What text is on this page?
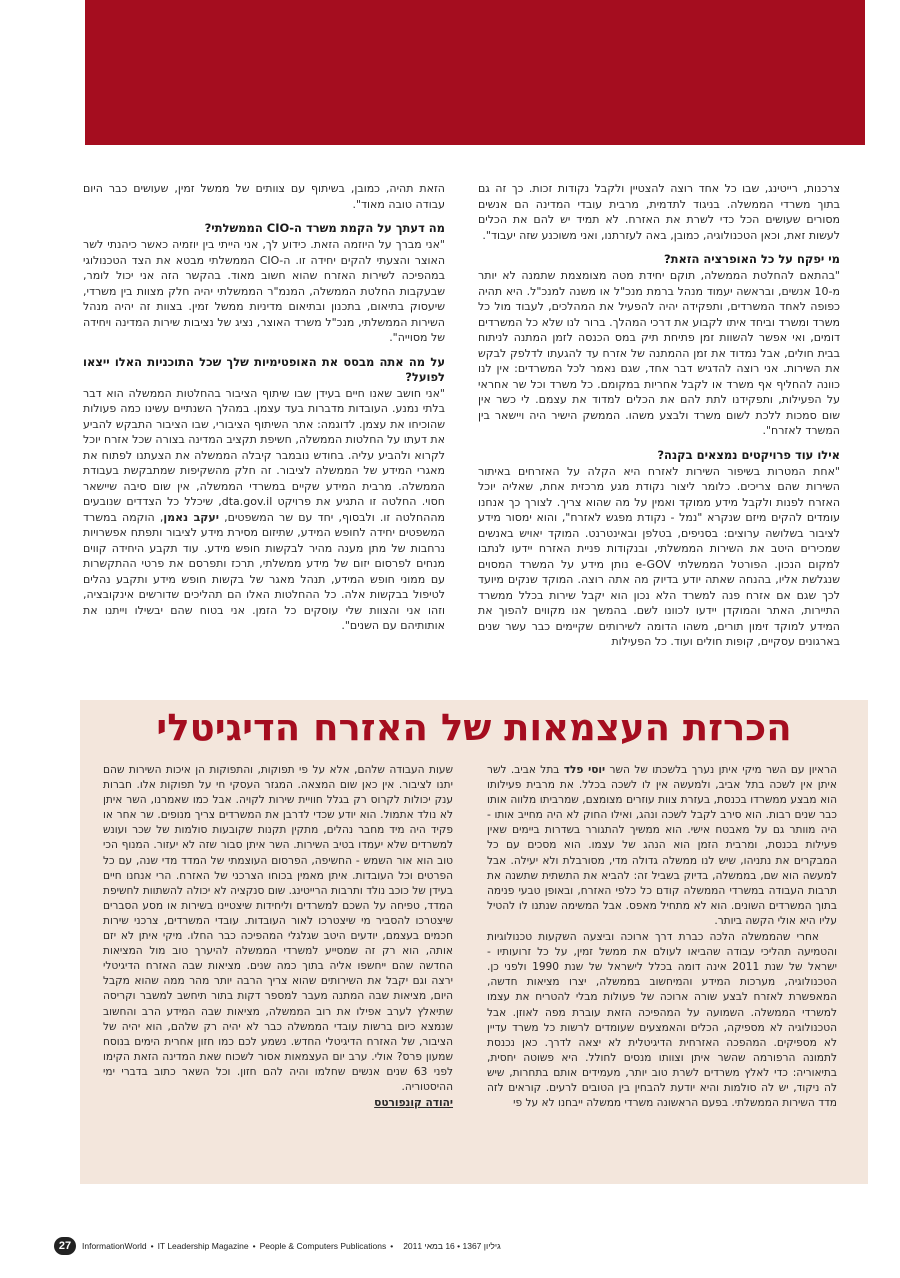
צרכנות, רייטינג, שבו כל אחד רוצה להצטיין ולקבל נקודות זכות. כך זה גם בתוך משרדי הממשלה. בניגוד לתדמית, מרבית עובדי המדינה הם אנשים מסורים שעושים הכל כדי לשרת את האזרח. לא תמיד יש להם את הכלים לעשות זאת, וכאן הטכנולוגיה, כמובן, באה לעזרתנו, ואני משוכנע שזה יעבוד".

מי יפקח על כל האופרציה הזאת?

"בהתאם להחלטת הממשלה, תוקם יחידת מטה מצומצמת שתמנה לא יותר מ-10 אנשים, ובראשה יעמוד מנהל ברמת מנכ"ל או משנה למנכ"ל. היא תהיה כפופה לאחד המשרדים, ותפקידה יהיה להפעיל את המהלכים, לעבוד מול כל משרד ומשרד וביחד איתו לקבוע את דרכי המהלך. ברור לנו שלא כל המשרדים דומים, ואי אפשר להשוות זמן פתיחת תיק במס הכנסה לזמן המתנה לניתוח בבית חולים, אבל נמדוד את זמן ההמתנה של אזרח עד להגעתו לדלפק לבקש את השירות. אני רוצה להדגיש דבר אחד, שגם נאמר לכל המשרדים: אין לנו כוונה להחליף אף משרד או לקבל אחריות במקומם. כל משרד וכל שר אחראי על הפעילות, ותפקידנו לתת להם את הכלים למדוד את עצמם. לי כשר אין שום סמכות ללכת לשום משרד ולבצע משהו. הממשק הישיר היה ויישאר בין המשרד לאזרח".

אילו עוד פרויקטים נמצאים בקנה?

"אחת המטרות בשיפור השירות לאזרח היא הקלה על האזרחים באיתור השירות שהם צריכים. כלומר ליצור נקודת מגע מרכזית אחת, שאליה יוכל האזרח לפנות ולקבל מידע ממוקד ואמין על מה שהוא צריך. לצורך כך אנחנו עומדים להקים מיזם שנקרא "נמל - נקודת מפגש לאזרח", והוא ימסור מידע לציבור בשלושה ערוצים: בסניפים, בטלפן ובאינטרנט. המוקד יאויש באנשים שמכירים היטב את השירות הממשלתי, ובנקודות פניית האזרח יידעו לנתבו למקום הנכון. הפורטל הממשלתי e-GOV נותן מידע על המשרד המסוים שנגלשת אליו, בהנחה שאתה יודע בדיוק מה אתה רוצה. המוקד שנקים מיועד לכך שגם אם אזרח פנה למשרד הלא נכון הוא יקבל שירות בכלל ממשרד התיירות, האתר והמוקדן יידעו לכוונו לשם. בהמשך אנו מקווים להפוך את המידע למוקד זימון תורים, משהו הדומה לשירותים שקיימים כבר עשר שנים בארגונים עסקיים, קופות חולים ועוד. כל הפעילות

הזאת תהיה, כמובן, בשיתוף עם צוותים של ממשל זמין, שעושים כבר היום עבודה טובה מאוד".

מה דעתך על הקמת משרד ה-CIO הממשלתי?

"אני מברך על היוזמה הזאת. כידוע לך, אני הייתי בין יוזמיה כאשר כיהנתי לשר האוצר והצעתי להקים יחידה זו. ה-CIO הממשלתי מבטא את הצד הטכנולוגי במהפיכה לשירות האזרח שהוא חשוב מאוד. בהקשר הזה אני יכול לומר, שבעקבות החלטת הממשלה, המנמ"ר הממשלתי יהיה חלק מצוות בין משרדי, שיעסוק בתיאום, בתכנון ובתיאום מדיניות ממשל זמין. בצוות זה יהיה מנהל השירות הממשלתי, מנכ"ל משרד האוצר, נציג של נציבות שירות המדינה ויחידה של מסוייה".

על מה אתה מבסס את האופטימיות שלך שכל התוכניות האלו ייצאו לפועל?

"אני חושב שאנו חיים בעידן שבו שיתוף הציבור בהחלטות הממשלה הוא דבר בלתי נמנע. העובדות מדברות בעד עצמן. במהלך השנתיים עשינו כמה פעולות שהוכיחו את עצמן. לדוגמה: אתר השיתוף הציבורי, שבו הציבור התבקש להביע את דעתו על החלטות הממשלה, חשיפת תקציב המדינה בצורה שכל אזרח יוכל לקרוא ולהביע עליה. בחודש נובמבר קיבלה הממשלה את הצעתנו לפתוח את מאגרי המידע של הממשלה לציבור. זה חלק מהשקיפות שמתבקשת בעבודת הממשלה. מרבית המידע שקיים במשרדי הממשלה, אין שום סיבה שיישאר חסוי. החלטה זו התגיע את פרויקט dta.gov.il, שיכלל כל הצדדים שנובעים מההחלטה זו. ולבסוף, יחד עם שר המשפטים, יעקב נאמן, הוקמה במשרד המשפטים יחידה לחופש המידע, שתיזום מסירת מידע לציבור ותפתח אפשרויות נרחבות של מתן מענה מהיר לבקשות חופש מידע. עוד תקבע היחידה קווים מנחים לפרסום יזום של מידע ממשלתי, תרכז ותפרסם את פרטי ההתקשרות עם ממוני חופש המידע, תנהל מאגר של בקשות חופש מידע ותקבע נהלים לטיפול בבקשות אלה. כל ההחלטות האלו הם תהליכים שדורשים אינקובציה, וזהו אני והצוות שלי עוסקים כל הזמן. אני בטוח שהם יבשילו וייתנו את אותותיהם עם השנים".

הכרזת העצמאות של האזרח הדיגיטלי

הראיון עם השר מיקי איתן נערך בלשכתו של השר יוסי פלד בתל אביב. לשר איתן אין לשכה בתל אביב, ולמעשה אין לו לשכה בכלל. את מרבית פעילותו הוא מבצע ממשרדו בכנסת, בעזרת צוות עוזרים מצומצם, שמרביתו מלווה אותו כבר שנים רבות. הוא סירב לקבל לשכה ונהג, ואילו החוק לא היה מחייב אותו - היה מוותר גם על מאבטח אישי. הוא ממשיך להתגורר בשדרות ביימים שאין פעילות בכנסת, ומרבית הזמן הוא הנהג של עצמו. הוא מסכים עם כל המבקרים את נתניהו, שיש לנו ממשלה גדולה מדי, מסורבלת ולא יעילה. אבל למעשה הוא שם, בממשלה, בדיוק בשביל זה: להביא את התשתית שתשנה את תרבות העבודה במשרדי הממשלה קודם כל כלפי האזרח, ובאופן טבעי פנימה בתוך המשרדים השונים. הוא לא מתחיל מאפס. אבל המשימה שנתנו לו להטיל עליו היא אולי הקשה ביותר.

אחרי שהממשלה הלכה כברת דרך ארוכה וביצעה השקעות טכנולוגיות והטמיעה תהליכי עבודה שהביאו לעולם את ממשל זמין, על כל זרועותיו - ישראל של שנת 2011 אינה דומה בכלל לישראל של שנת 1990 ולפני כן. הטכנולוגיה, מערכות המידע והמיחשוב בממשלה, יצרו מציאות חדשה, המאפשרת לאזרח לבצע שורה ארוכה של פעולות מבלי להטריח את עצמו למשרדי הממשלה. השמועה על המהפיכה הזאת עוברת מפה לאוזן. אבל הטכנולוגיה לא מספיקה, הכלים והאמצעים שעומדים לרשות כל משרד עדיין לא מספיקים. המהפכה האזרחית הדיגיטלית לא יצאה לדרך. כאן נכנסת לתמונה הרפורמה שהשר איתן וצוותו מנסים לחולל. היא פשוטה יחסית, בתיאוריה: כדי לאלץ משרדים לשרת טוב יותר, מעמידים אותם בתחרות, שיש לה ניקוד, יש לה סולמות והיא יודעת להבחין בין הטובים לרעים. קוראים לזה מדד השירות הממשלתי. בפעם הראשונה משרדי ממשלה ייבחנו לא על פי

שעות העבודה שלהם, אלא על פי תפוקות, והתפוקות הן איכות השירות שהם יתנו לציבור. אין כאן שום המצאה. המגזר העסקי חי על תפוקות אלו. חברות ענק יכולות לקרוס רק בגלל חוויית שירות לקויה. אבל כמו שאמרנו, השר איתן לא נולד אתמול. הוא יודע שכדי לדרבן את המשרדים צריך מנופים. שר אחר או פקיד היה מיד מחבר נהלים, מתקין תקנות שקובעות סולמות של שכר ועונש למשרדים שלא יעמדו בטיב השירות. השר איתן סבור שזה לא יעזור. המנוף הכי טוב הוא אור השמש - החשיפה, הפרסום העוצמתי של המדד מדי שנה, עם כל הפרטים וכל העובדות. איתן מאמין בכוחו הצרכני של האזרח. הרי אנחנו חיים בעידן של כוכב נולד ותרבות הרייטינג. שום סנקציה לא יכולה להשתוות לחשיפת המדד, טפיחה על השכם למשרדים וליחידות שיצטיינו בשירות או מסע הסברים שיצטרכו להסביר מי שיצטרכו לאור העובדות. עובדי המשרדים, צרכני שירות חכמים בעצמם, יודעים היטב שגלגלי המהפיכה כבר החלו. מיקי איתן לא יזם אותה, הוא רק זה שמסייע למשרדי הממשלה להיערך טוב מול המציאות החדשה שהם ייחשפו אליה בתוך כמה שנים. מציאות שבה האזרח הדיגיטלי ירצה וגם יקבל את השירותים שהוא צריך הרבה יותר מהר ממה שהוא מקבל היום, מציאות שבה המתנה מעבר למספר דקות בתור תיחשב למשבר וקריסה שתיאלץ לערב אפילו את רוב הממשלה, מציאות שבה המידע הרב והחשוב שנמצא כיום ברשות עובדי הממשלה כבר לא יהיה רק שלהם, הוא יהיה של הציבור, של האזרח הדיגיטלי החדש. נשמע לכם כמו חזון אחרית הימים בנוסח שמעון פרס? אולי. ערב יום העצמאות אסור לשכוח שאת המדינה הזאת הקימו לפני 63 שנים אנשים שחלמו והיה להם חזון. וכל השאר כתוב בדברי ימי ההיסטוריה.

יהודה קונפורטס

27	InformationWorld • IT Leadership Magazine • People & Computers Publications • גיליון 1367 • 16 במאי 2011
